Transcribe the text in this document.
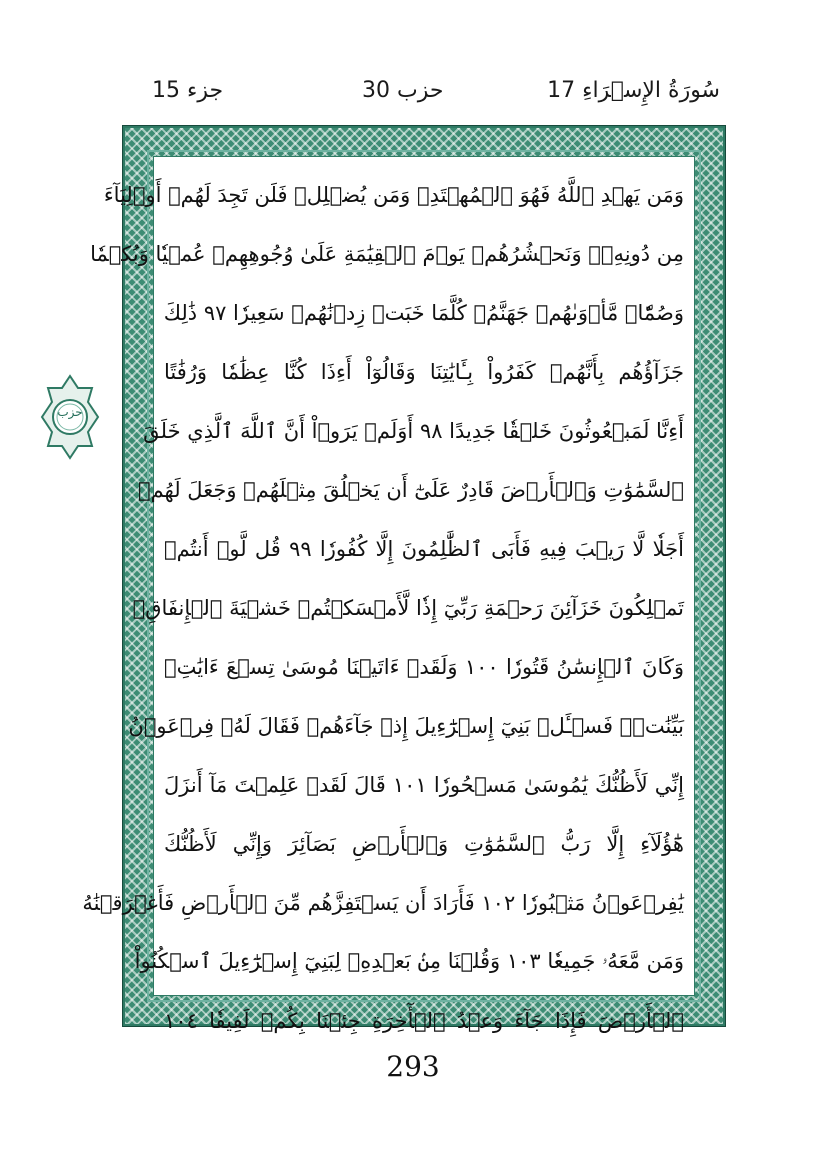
جزء 15	حزب 30	17 سُورَةُ الإِسۡرَاءِ
وَمَن يَهۡدِ ٱللَّهُ فَهُوَ ٱلۡمُهۡتَدِۖ وَمَن يُضۡلِلۡ فَلَن تَجِدَ لَهُمۡ أَوۡلِيَآءَ
مِن دُونِهِۦۖ وَنَحۡشُرُهُمۡ يَوۡمَ ٱلۡقِيَٰمَةِ عَلَىٰ وُجُوهِهِمۡ عُمۡيٗا وَبُكۡمٗا
وَصُمّٗاۖ مَّأۡوَىٰهُمۡ جَهَنَّمُۖ كُلَّمَا خَبَتۡ زِدۡنَٰهُمۡ سَعِيرٗا ٩٧ ذَٰلِكَ
جَزَآؤُهُم بِأَنَّهُمۡ كَفَرُواْ بِـَٔايَٰتِنَا وَقَالُوٓاْ أَءِذَا كُنَّا عِظَٰمٗا وَرُفَٰتًا
أَءِنَّا لَمَبۡعُوثُونَ خَلۡقٗا جَدِيدًا ٩٨ أَوَلَمۡ يَرَوۡاْ أَنَّ ٱللَّهَ ٱلَّذِي خَلَقَ
ٱلسَّمَٰوَٰتِ وَٱلۡأَرۡضَ قَادِرٌ عَلَىٰٓ أَن يَخۡلُقَ مِثۡلَهُمۡ وَجَعَلَ لَهُمۡ
أَجَلٗا لَّا رَيۡبَ فِيهِ فَأَبَى ٱلظَّٰلِمُونَ إِلَّا كُفُورٗا ٩٩ قُل لَّوۡ أَنتُمۡ
تَمۡلِكُونَ خَزَآئِنَ رَحۡمَةِ رَبِّيٓ إِذٗا لَّأَمۡسَكۡتُمۡ خَشۡيَةَ ٱلۡإِنفَاقِۚ
وَكَانَ ٱلۡإِنسَٰنُ قَتُورٗا ١٠٠ وَلَقَدۡ ءَاتَيۡنَا مُوسَىٰ تِسۡعَ ءَايَٰتِۭ
بَيِّنَٰتٖۖ فَسۡـَٔلۡ بَنِيٓ إِسۡرَٰٓءِيلَ إِذۡ جَآءَهُمۡ فَقَالَ لَهُۥ فِرۡعَوۡنُ
إِنِّي لَأَظُنُّكَ يَٰمُوسَىٰ مَسۡحُورٗا ١٠١ قَالَ لَقَدۡ عَلِمۡتَ مَآ أَنزَلَ
هَٰٓؤُلَآءِ إِلَّا رَبُّ ٱلسَّمَٰوَٰتِ وَٱلۡأَرۡضِ بَصَآئِرَ وَإِنِّي لَأَظُنُّكَ
يَٰفِرۡعَوۡنُ مَثۡبُورٗا ١٠٢ فَأَرَادَ أَن يَسۡتَفِزَّهُم مِّنَ ٱلۡأَرۡضِ فَأَغۡرَقۡنَٰهُ
وَمَن مَّعَهُۥ جَمِيعٗا ١٠٣ وَقُلۡنَا مِنۢ بَعۡدِهِۦ لِبَنِيٓ إِسۡرَٰٓءِيلَ ٱسۡكُنُواْ
ٱلۡأَرۡضَ فَإِذَا جَآءَ وَعۡدُ ٱلۡأٓخِرَةِ جِئۡنَا بِكُمۡ لَفِيفٗا ١٠٤
حزب
293
